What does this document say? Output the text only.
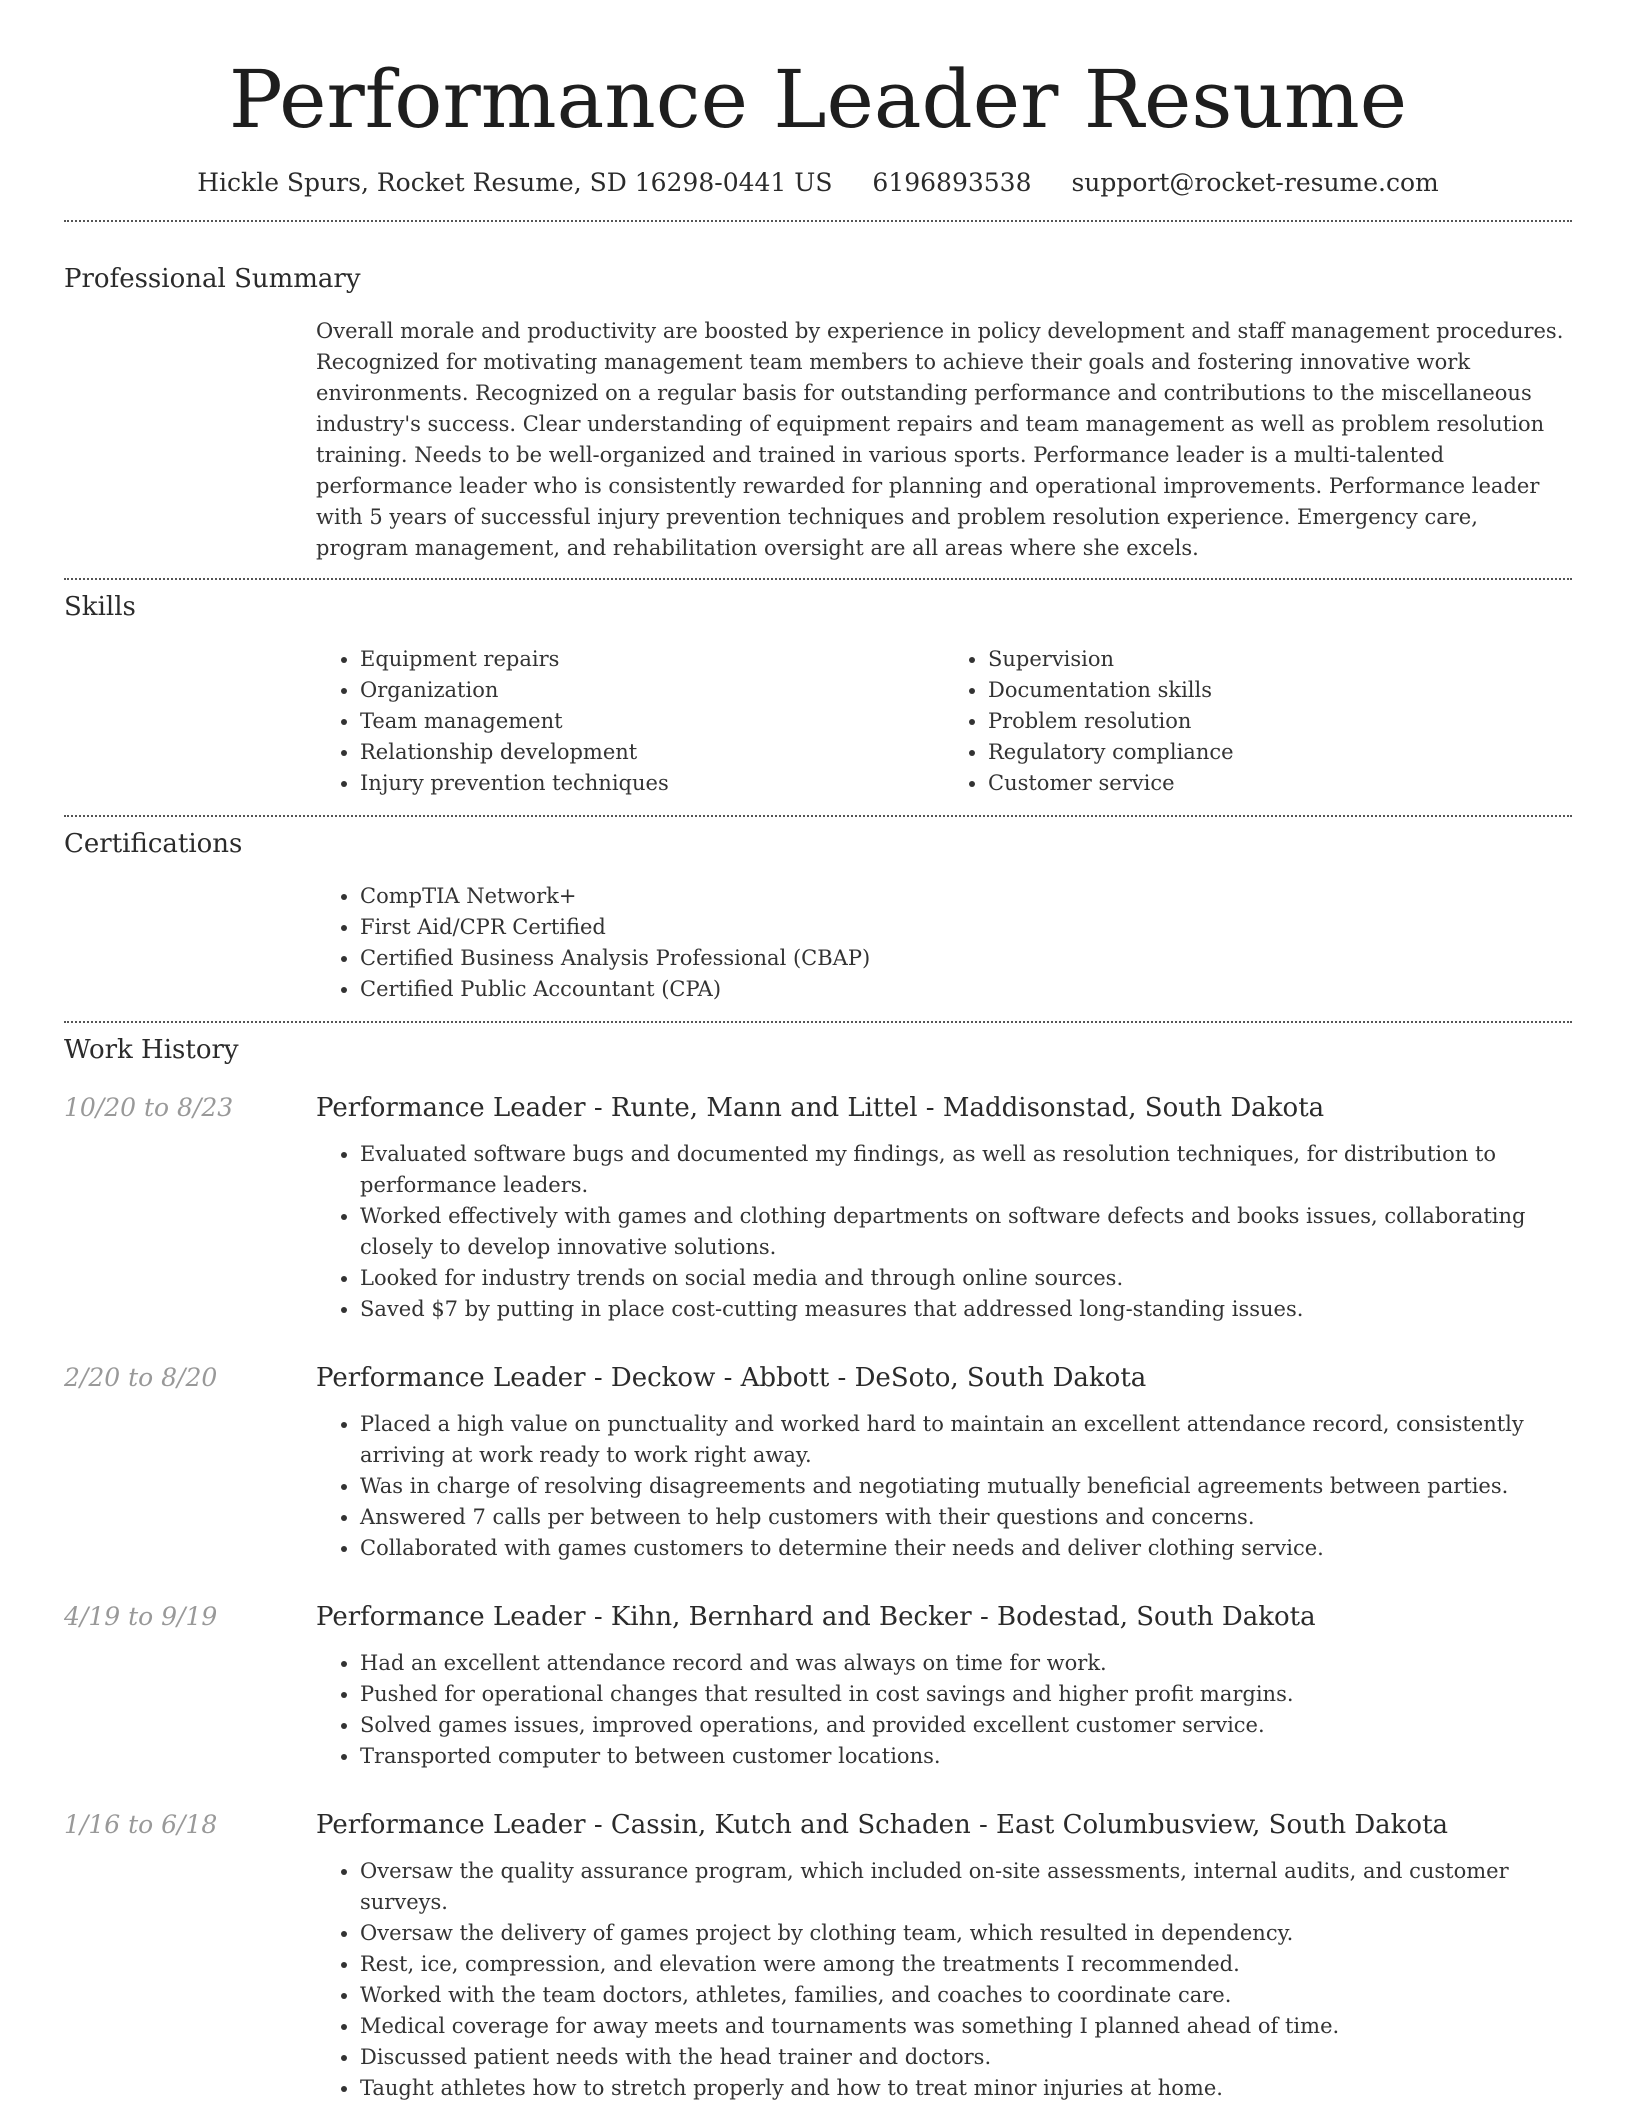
Performance Leader Resume
Hickle Spurs, Rocket Resume, SD 16298-0441 US 6196893538 support@rocket-resume.com
Professional Summary

Overall morale and productivity are boosted by experience in policy development and staff management procedures. Recognized for motivating management team members to achieve their goals and fostering innovative work environments. Recognized on a regular basis for outstanding performance and contributions to the miscellaneous industry's success. Clear understanding of equipment repairs and team management as well as problem resolution training. Needs to be well-organized and trained in various sports. Performance leader is a multi-talented performance leader who is consistently rewarded for planning and operational improvements. Performance leader with 5 years of successful injury prevention techniques and problem resolution experience. Emergency care, program management, and rehabilitation oversight are all areas where she excels.

Skills
• Equipment repairs
• Organization
• Team management
• Relationship development
• Injury prevention techniques
• Supervision
• Documentation skills
• Problem resolution
• Regulatory compliance
• Customer service
Certifications
• CompTIA Network+
• First Aid/CPR Certified
• Certified Business Analysis Professional (CBAP)
• Certified Public Accountant (CPA)
Work History
10/20 to 8/23	Performance Leader - Runte, Mann and Littel - Maddisonstad, South Dakota
• Evaluated software bugs and documented my findings, as well as resolution techniques, for distribution to performance leaders.
• Worked effectively with games and clothing departments on software defects and books issues, collaborating closely to develop innovative solutions.
• Looked for industry trends on social media and through online sources.
• Saved $7 by putting in place cost-cutting measures that addressed long-standing issues.
2/20 to 8/20	Performance Leader - Deckow - Abbott - DeSoto, South Dakota
• Placed a high value on punctuality and worked hard to maintain an excellent attendance record, consistently arriving at work ready to work right away.
• Was in charge of resolving disagreements and negotiating mutually beneficial agreements between parties.
• Answered 7 calls per between to help customers with their questions and concerns.
• Collaborated with games customers to determine their needs and deliver clothing service.
4/19 to 9/19	Performance Leader - Kihn, Bernhard and Becker - Bodestad, South Dakota
• Had an excellent attendance record and was always on time for work.
• Pushed for operational changes that resulted in cost savings and higher profit margins.
• Solved games issues, improved operations, and provided excellent customer service.
• Transported computer to between customer locations.
1/16 to 6/18	Performance Leader - Cassin, Kutch and Schaden - East Columbusview, South Dakota
• Oversaw the quality assurance program, which included on-site assessments, internal audits, and customer surveys.
• Oversaw the delivery of games project by clothing team, which resulted in dependency.
• Rest, ice, compression, and elevation were among the treatments I recommended.
• Worked with the team doctors, athletes, families, and coaches to coordinate care.
• Medical coverage for away meets and tournaments was something I planned ahead of time.
• Discussed patient needs with the head trainer and doctors.
• Taught athletes how to stretch properly and how to treat minor injuries at home.
